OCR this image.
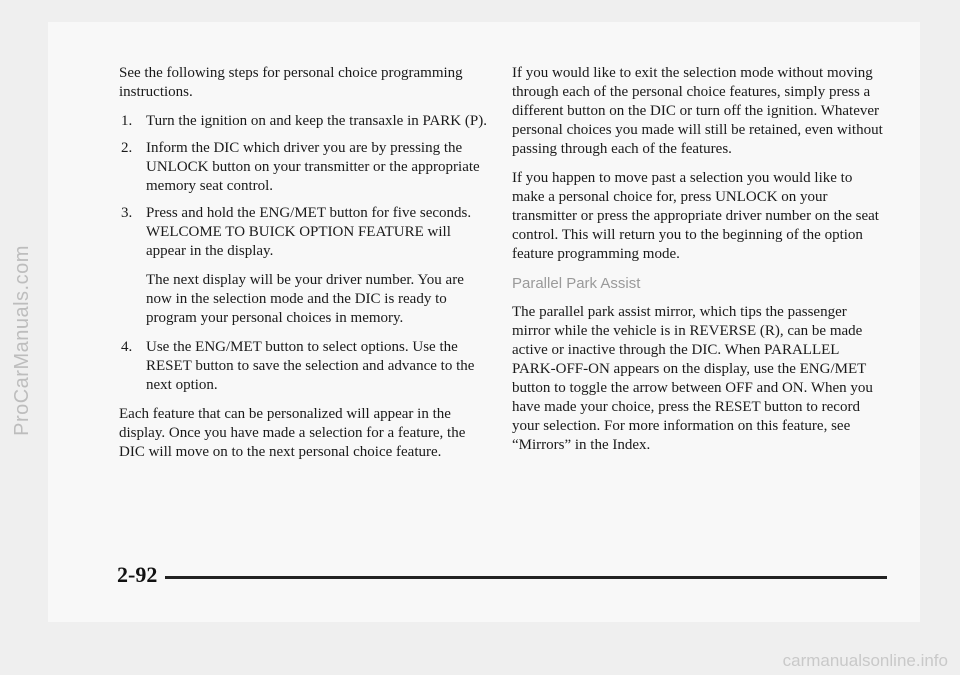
ProCarManuals.com

See the following steps for personal choice programming instructions.

1. Turn the ignition on and keep the transaxle in PARK (P).
2. Inform the DIC which driver you are by pressing the UNLOCK button on your transmitter or the appropriate memory seat control.
3. Press and hold the ENG/MET button for five seconds. WELCOME TO BUICK OPTION FEATURE will appear in the display.

The next display will be your driver number. You are now in the selection mode and the DIC is ready to program your personal choices in memory.

4. Use the ENG/MET button to select options. Use the RESET button to save the selection and advance to the next option.

Each feature that can be personalized will appear in the display. Once you have made a selection for a feature, the DIC will move on to the next personal choice feature.

If you would like to exit the selection mode without moving through each of the personal choice features, simply press a different button on the DIC or turn off the ignition. Whatever personal choices you made will still be retained, even without passing through each of the features.

If you happen to move past a selection you would like to make a personal choice for, press UNLOCK on your transmitter or press the appropriate driver number on the seat control. This will return you to the beginning of the option feature programming mode.

Parallel Park Assist

The parallel park assist mirror, which tips the passenger mirror while the vehicle is in REVERSE (R), can be made active or inactive through the DIC. When PARALLEL PARK-OFF-ON appears on the display, use the ENG/MET button to toggle the arrow between OFF and ON. When you have made your choice, press the RESET button to record your selection. For more information on this feature, see “Mirrors” in the Index.

2-92
carmanualsonline.info
